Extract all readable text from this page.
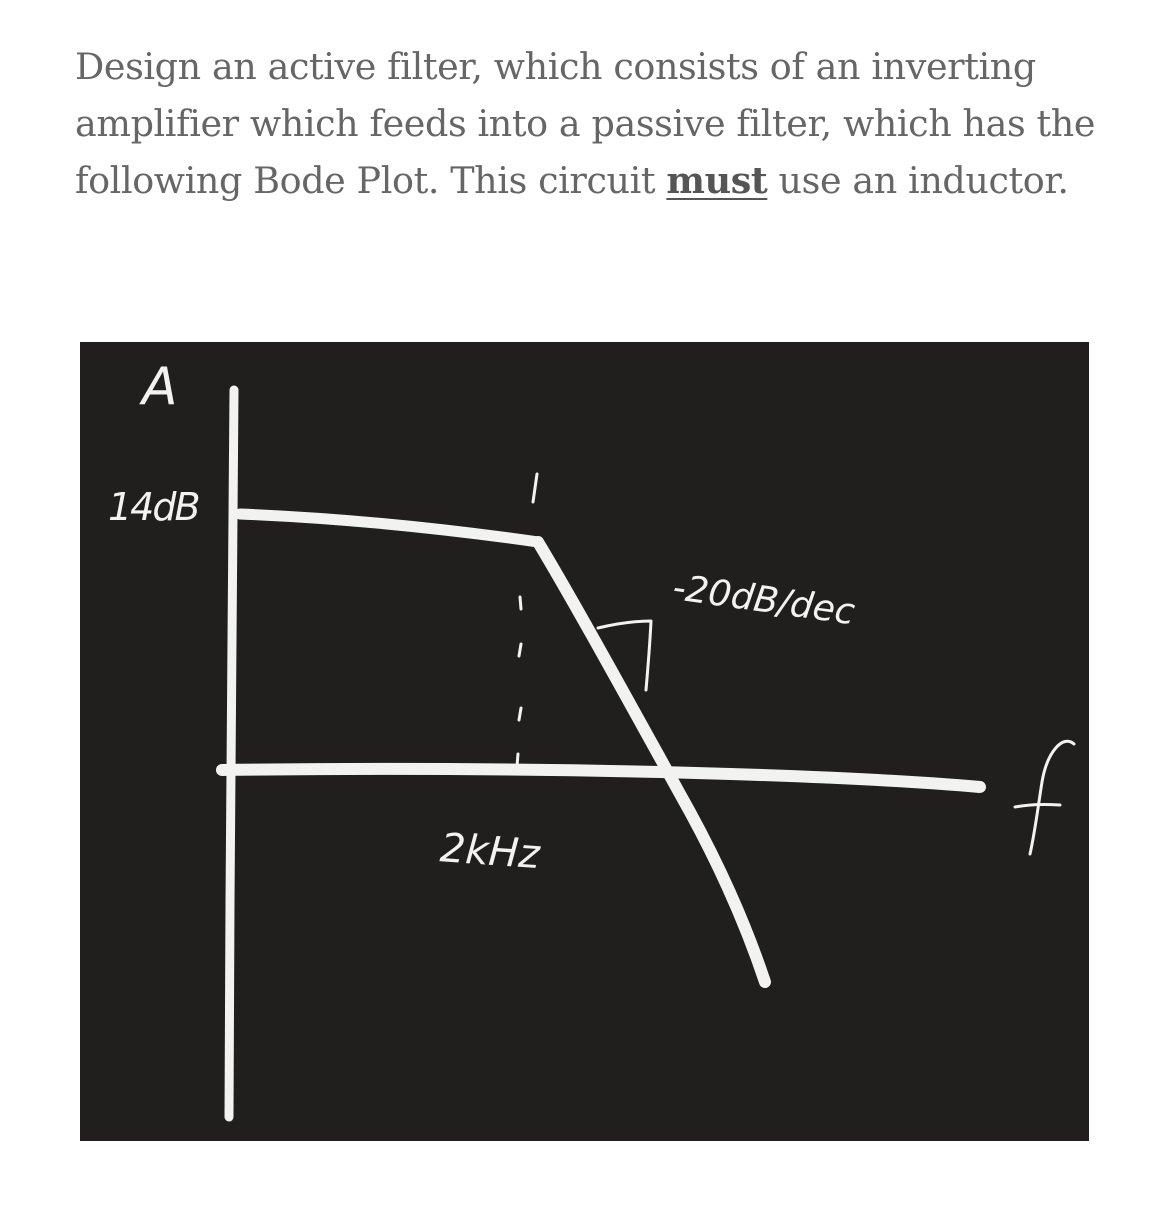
Design an active filter, which consists of an inverting amplifier which feeds into a passive filter, which has the following Bode Plot. This circuit must use an inductor.

A
14dB
2kHz
-20dB/dec
